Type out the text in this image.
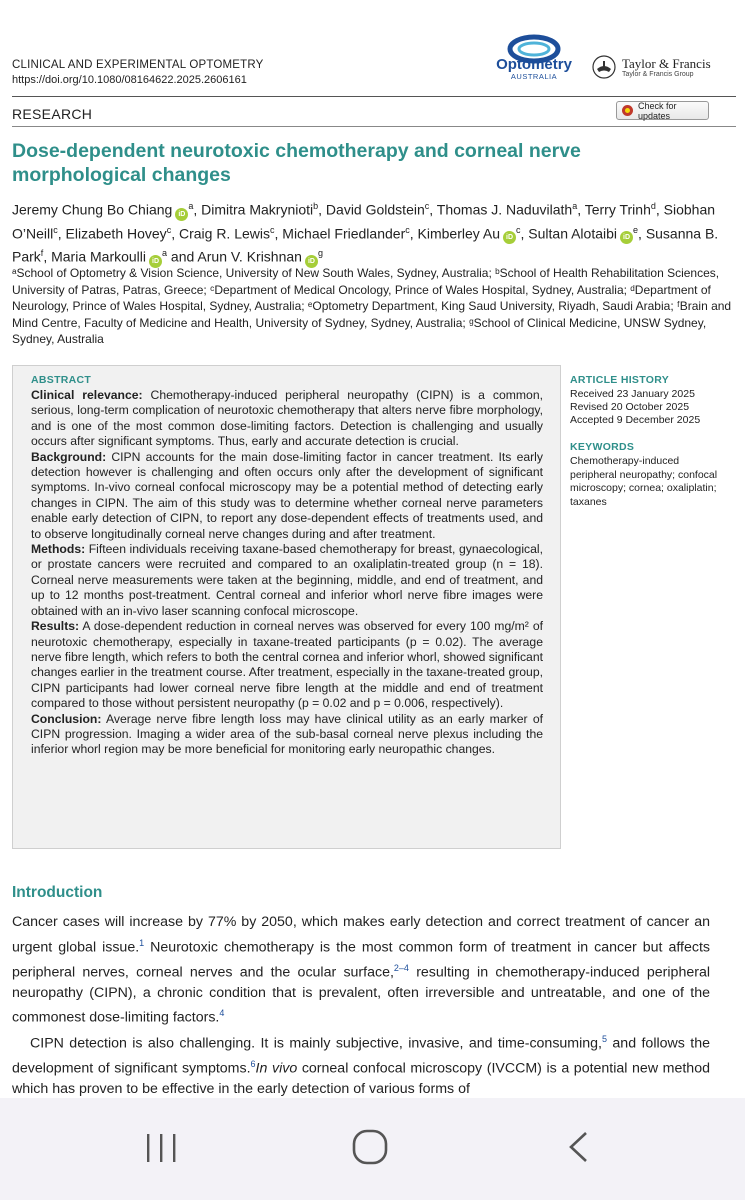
CLINICAL AND EXPERIMENTAL OPTOMETRY
https://doi.org/10.1080/08164622.2025.2606161
Optometry
AUSTRALIA
Taylor & Francis
Taylor & Francis Group
RESEARCH
Check for updates
Dose-dependent neurotoxic chemotherapy and corneal nerve morphological changes
Jeremy Chung Bo Chiang $iD^a$, Dimitra Makrynioti$^b$, David Goldstein$^c$, Thomas J. Naduvilath$^a$, Terry Trinh$^d$, Siobhan O’Neill$^c$, Elizabeth Hovey$^c$, Craig R. Lewis$^c$, Michael Friedlander$^c$, Kimberley Au $iD^c$, Sultan Alotaibi $iD^e$, Susanna B. Park$^f$, Maria Markoulli $iD^a$ and Arun V. Krishnan $iD^g$
ᵃSchool of Optometry & Vision Science, University of New South Wales, Sydney, Australia; ᵇSchool of Health Rehabilitation Sciences, University of Patras, Patras, Greece; ᶜDepartment of Medical Oncology, Prince of Wales Hospital, Sydney, Australia; ᵈDepartment of Neurology, Prince of Wales Hospital, Sydney, Australia; ᵉOptometry Department, King Saud University, Riyadh, Saudi Arabia; ᶠBrain and Mind Centre, Faculty of Medicine and Health, University of Sydney, Sydney, Australia; ᵍSchool of Clinical Medicine, UNSW Sydney, Sydney, Australia
ABSTRACT

Clinical relevance: Chemotherapy-induced peripheral neuropathy (CIPN) is a common, serious, long-term complication of neurotoxic chemotherapy that alters nerve fibre morphology, and is one of the most common dose-limiting factors. Detection is challenging and usually occurs after significant symptoms. Thus, early and accurate detection is crucial.

Background: CIPN accounts for the main dose-limiting factor in cancer treatment. Its early detection however is challenging and often occurs only after the development of significant symptoms. In-vivo corneal confocal microscopy may be a potential method of detecting early changes in CIPN. The aim of this study was to determine whether corneal nerve parameters enable early detection of CIPN, to report any dose-dependent effects of treatments used, and to observe longitudinally corneal nerve changes during and after treatment.

Methods: Fifteen individuals receiving taxane-based chemotherapy for breast, gynaecological, or prostate cancers were recruited and compared to an oxaliplatin-treated group (n = 18). Corneal nerve measurements were taken at the beginning, middle, and end of treatment, and up to 12 months post-treatment. Central corneal and inferior whorl nerve fibre images were obtained with an in-vivo laser scanning confocal microscope.

Results: A dose-dependent reduction in corneal nerves was observed for every 100 mg/m² of neurotoxic chemotherapy, especially in taxane-treated participants (p = 0.02). The average nerve fibre length, which refers to both the central cornea and inferior whorl, showed significant changes earlier in the treatment course. After treatment, especially in the taxane-treated group, CIPN participants had lower corneal nerve fibre length at the middle and end of treatment compared to those without persistent neuropathy (p = 0.02 and p = 0.006, respectively).

Conclusion: Average nerve fibre length loss may have clinical utility as an early marker of CIPN progression. Imaging a wider area of the sub-basal corneal nerve plexus including the inferior whorl region may be more beneficial for monitoring early neuropathic changes.

ARTICLE HISTORY
Received 23 January 2025
Revised 20 October 2025
Accepted 9 December 2025
KEYWORDS
Chemotherapy-induced peripheral neuropathy; confocal microscopy; cornea; oxaliplatin; taxanes
Introduction

Cancer cases will increase by 77% by 2050, which makes early detection and correct treatment of cancer an urgent global issue.$^1$ Neurotoxic chemotherapy is the most common form of treatment in cancer but affects peripheral nerves, corneal nerves and the ocular surface,$^{2-4}$ resulting in chemotherapy-induced peripheral neuropathy (CIPN), a chronic condition that is prevalent, often irreversible and untreatable, and one of the commonest dose-limiting factors.$^4$

CIPN detection is also challenging. It is mainly subjective, invasive, and time-consuming,$^5$ and follows the development of significant symptoms.$^6$In vivo corneal confocal microscopy (IVCCM) is a potential new method which has proven to be effective in the early detection of various forms of
